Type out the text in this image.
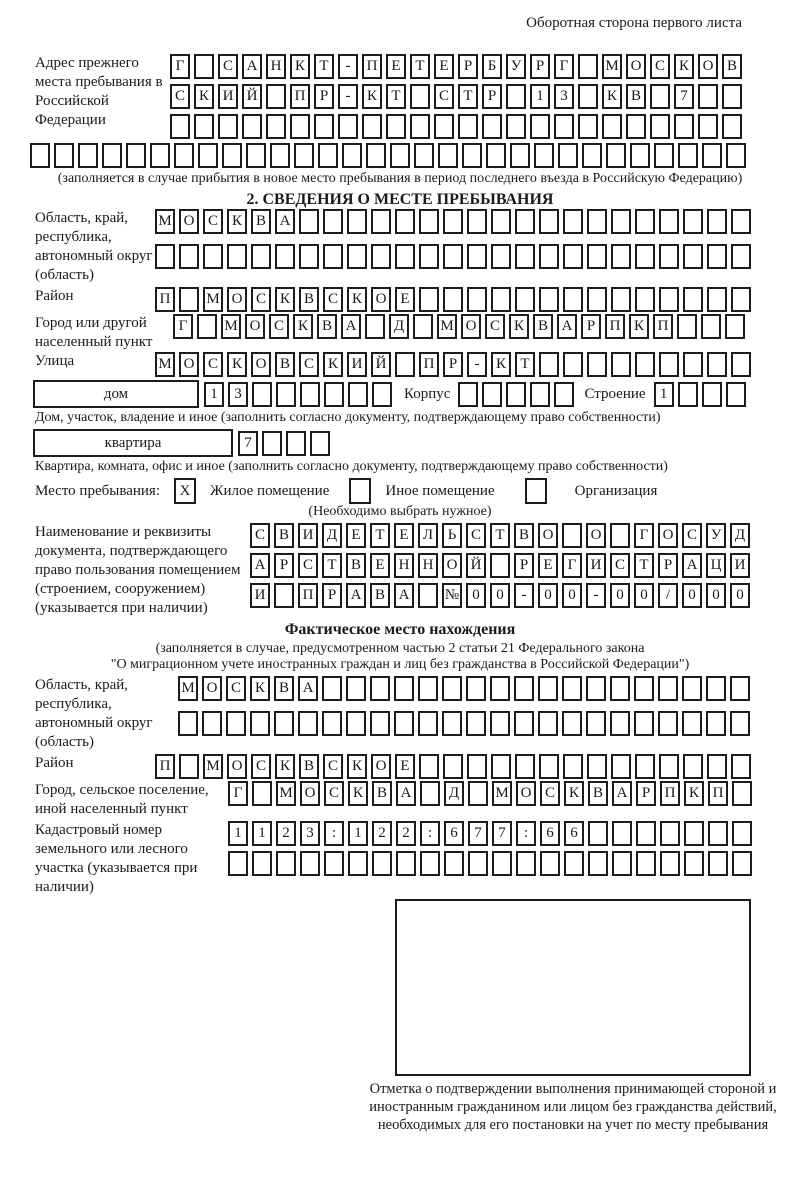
Оборотная сторона первого листа
Адрес прежнего места пребывания в Российской Федерации
Г	С А Н К Т	-	П Е Т Е	Р	Б У Р	Г	М О С К О В
С К И Й	П Р	-	К Т	С Т	Р	1	3	К В	7
(заполняется в случае прибытия в новое место пребывания в период последнего въезда в Российскую Федерацию)
2. СВЕДЕНИЯ О МЕСТЕ ПРЕБЫВАНИЯ
Область, край, республика, автономный округ (область)
М О С К В А
Район	П	М О С К В С К О Е
Город или другой населенный пункт
Г	М О С К В А	Д	М О С К В А Р П К П
Улица	М О С К О В С К И Й	П Р	-	К Т
дом	1	3	Корпус	Строение 1
Дом, участок, владение и иное (заполнить согласно документу, подтверждающему право собственности)
квартира	7
Квартира, комната, офис и иное (заполнить согласно документу, подтверждающему право собственности)
Место пребывания:	X	Жилое помещение	Иное помещение	Организация
(Необходимо выбрать нужное)
Наименование и реквизиты документа, подтверждающего право пользования помещением (строением, сооружением) (указывается при наличии)
С В И Д Е Т Е Л Ь С Т В О	О	Г О С У Д
А Р С Т В Е Н Н О Й	Р	Е	Г И С Т	Р А Ц И
И	П Р А В А	№ 0	0	-	0	0	-	0	0	/	0	0	0
Фактическое место нахождения
(заполняется в случае, предусмотренном частью 2 статьи 21 Федерального закона
"О миграционном учете иностранных граждан и лиц без гражданства в Российской Федерации")
Область, край, республика, автономный округ (область)
М О С К В А
Район	П	М О С К В С К О Е
Город, сельское поселение, иной населенный пункт
Г	М О С К В А	Д	М О С К В А Р П К П
Кадастровый номер земельного или лесного участка (указывается при наличии)
1	1	2	3	:	1	2	2	:	6	7	7	:	6	6
Отметка о подтверждении выполнения принимающей стороной и иностранным гражданином или лицом без гражданства действий, необходимых для его постановки на учет по месту пребывания
